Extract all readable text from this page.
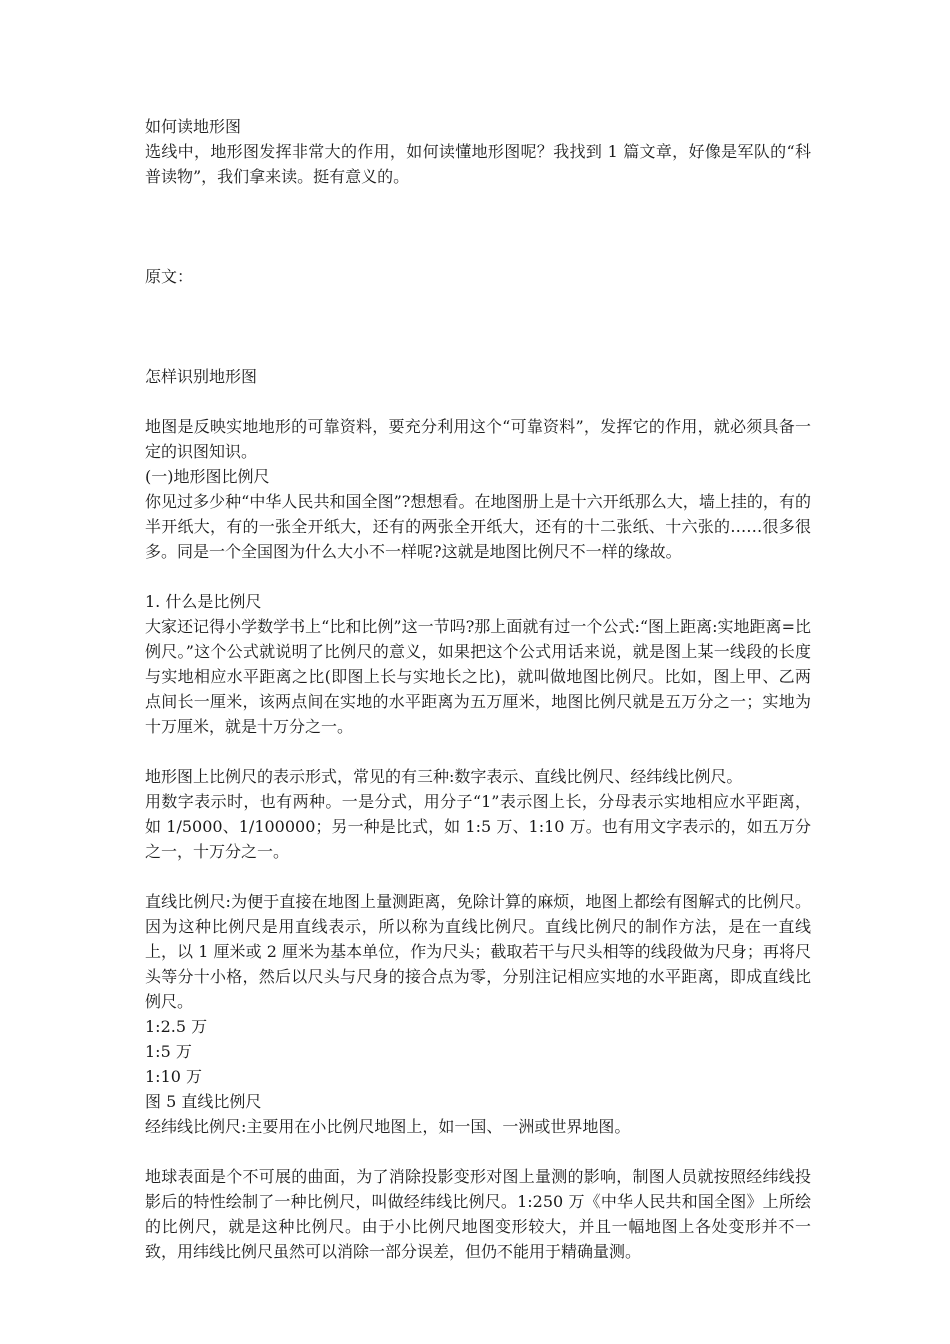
如何读地形图

选线中，地形图发挥非常大的作用，如何读懂地形图呢？我找到 1 篇文章，好像是军队的“科普读物”，我们拿来读。挺有意义的。

原文：

怎样识别地形图

地图是反映实地地形的可靠资料，要充分利用这个“可靠资料”，发挥它的作用，就必须具备一定的识图知识。

(一)地形图比例尺

你见过多少种“中华人民共和国全图”?想想看。在地图册上是十六开纸那么大，墙上挂的，有的半开纸大，有的一张全开纸大，还有的两张全开纸大，还有的十二张纸、十六张的……很多很多。同是一个全国图为什么大小不一样呢?这就是地图比例尺不一样的缘故。

1. 什么是比例尺

大家还记得小学数学书上“比和比例”这一节吗?那上面就有过一个公式:“图上距离:实地距离=比例尺。”这个公式就说明了比例尺的意义，如果把这个公式用话来说，就是图上某一线段的长度与实地相应水平距离之比(即图上长与实地长之比)，就叫做地图比例尺。比如，图上甲、乙两点间长一厘米，该两点间在实地的水平距离为五万厘米，地图比例尺就是五万分之一；实地为十万厘米，就是十万分之一。

地形图上比例尺的表示形式，常见的有三种:数字表示、直线比例尺、经纬线比例尺。

用数字表示时，也有两种。一是分式，用分子“1”表示图上长，分母表示实地相应水平距离，如 1/5000、1/100000；另一种是比式，如 1:5 万、1:10 万。也有用文字表示的，如五万分之一，十万分之一。

直线比例尺:为便于直接在地图上量测距离，免除计算的麻烦，地图上都绘有图解式的比例尺。因为这种比例尺是用直线表示，所以称为直线比例尺。直线比例尺的制作方法，是在一直线上，以 1 厘米或 2 厘米为基本单位，作为尺头；截取若干与尺头相等的线段做为尺身；再将尺头等分十小格，然后以尺头与尺身的接合点为零，分别注记相应实地的水平距离，即成直线比例尺。

1:2.5 万

1:5 万

1:10 万

图 5 直线比例尺

经纬线比例尺:主要用在小比例尺地图上，如一国、一洲或世界地图。

地球表面是个不可展的曲面，为了消除投影变形对图上量测的影响，制图人员就按照经纬线投影后的特性绘制了一种比例尺，叫做经纬线比例尺。1:250 万《中华人民共和国全图》上所绘的比例尺，就是这种比例尺。由于小比例尺地图变形较大，并且一幅地图上各处变形并不一致，用纬线比例尺虽然可以消除一部分误差，但仍不能用于精确量测。
